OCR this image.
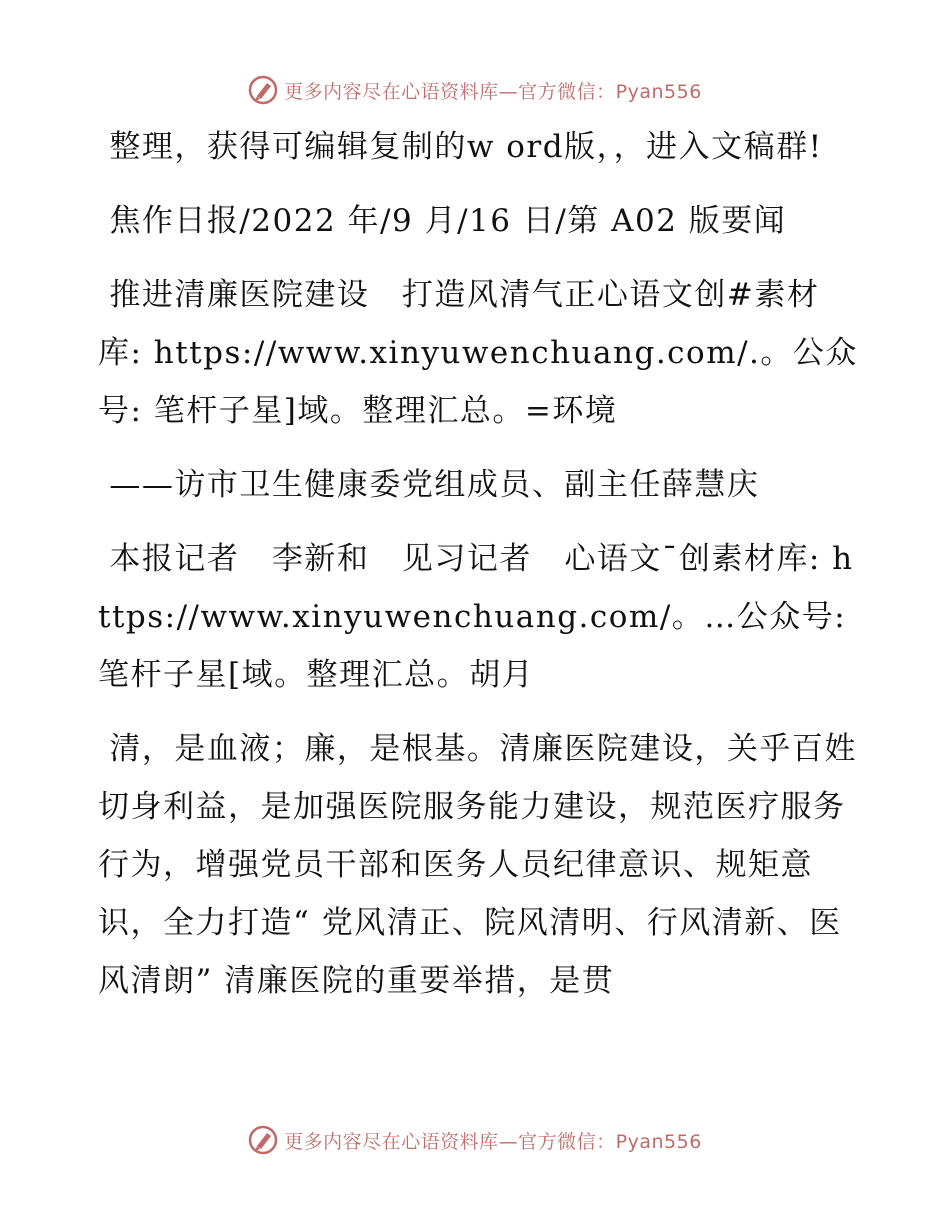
更多内容尽在心语资料库—官方微信：Pyan556

整理，获得可编辑复制的w ord版，，进入文稿群!

焦作日报/2022 年/9 月/16 日/第 A02 版要闻

推进清廉医院建设　打造风清气正心语文创#素材库: https://www.xinyuwenchuang.com/.。公众号: 笔杆子星]域。整理汇总。=环境

——访市卫生健康委党组成员、副主任薛慧庆

本报记者　李新和　见习记者　心语文¯创素材库: https://www.xinyuwenchuang.com/。…公众号: 笔杆子星[域。整理汇总。胡月

清，是血液；廉，是根基。清廉医院建设，关乎百姓切身利益，是加强医院服务能力建设，规范医疗服务行为，增强党员干部和医务人员纪律意识、规矩意识，全力打造“ 党风清正、院风清明、行风清新、医风清朗” 清廉医院的重要举措，是贯

更多内容尽在心语资料库—官方微信：Pyan556
